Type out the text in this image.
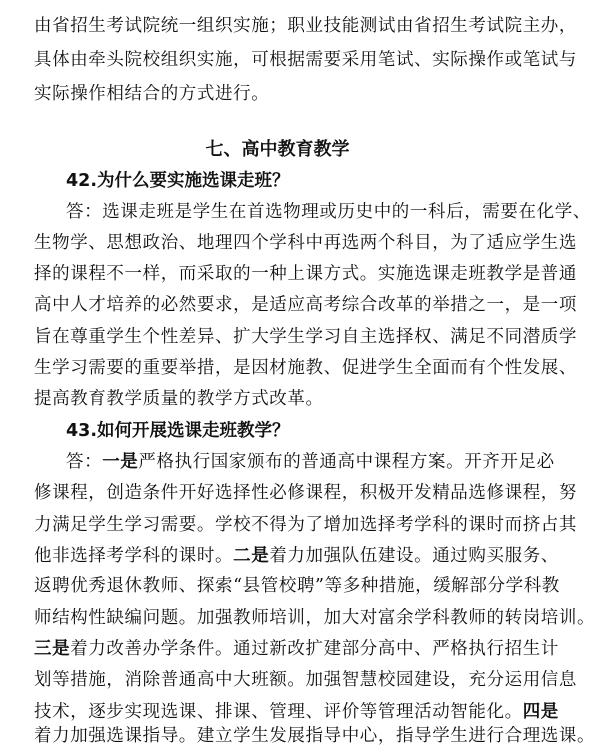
由省招生考试院统一组织实施；职业技能测试由省招生考试院主办，
具体由牵头院校组织实施，可根据需要采用笔试、实际操作或笔试与
实际操作相结合的方式进行。
七、高中教育教学
42.为什么要实施选课走班？
答：选课走班是学生在首选物理或历史中的一科后，需要在化学、
生物学、思想政治、地理四个学科中再选两个科目，为了适应学生选
择的课程不一样，而采取的一种上课方式。实施选课走班教学是普通
高中人才培养的必然要求，是适应高考综合改革的举措之一，是一项
旨在尊重学生个性差异、扩大学生学习自主选择权、满足不同潜质学
生学习需要的重要举措，是因材施教、促进学生全面而有个性发展、
提高教育教学质量的教学方式改革。
43.如何开展选课走班教学？
答：一是严格执行国家颁布的普通高中课程方案。开齐开足必
修课程，创造条件开好选择性必修课程，积极开发精品选修课程，努
力满足学生学习需要。学校不得为了增加选择考学科的课时而挤占其
他非选择考学科的课时。二是着力加强队伍建设。通过购买服务、
返聘优秀退休教师、探索“县管校聘”等多种措施，缓解部分学科教
师结构性缺编问题。加强教师培训，加大对富余学科教师的转岗培训。
三是着力改善办学条件。通过新改扩建部分高中、严格执行招生计
划等措施，消除普通高中大班额。加强智慧校园建设，充分运用信息
技术，逐步实现选课、排课、管理、评价等管理活动智能化。四是
着力加强选课指导。建立学生发展指导中心，指导学生进行合理选课。
